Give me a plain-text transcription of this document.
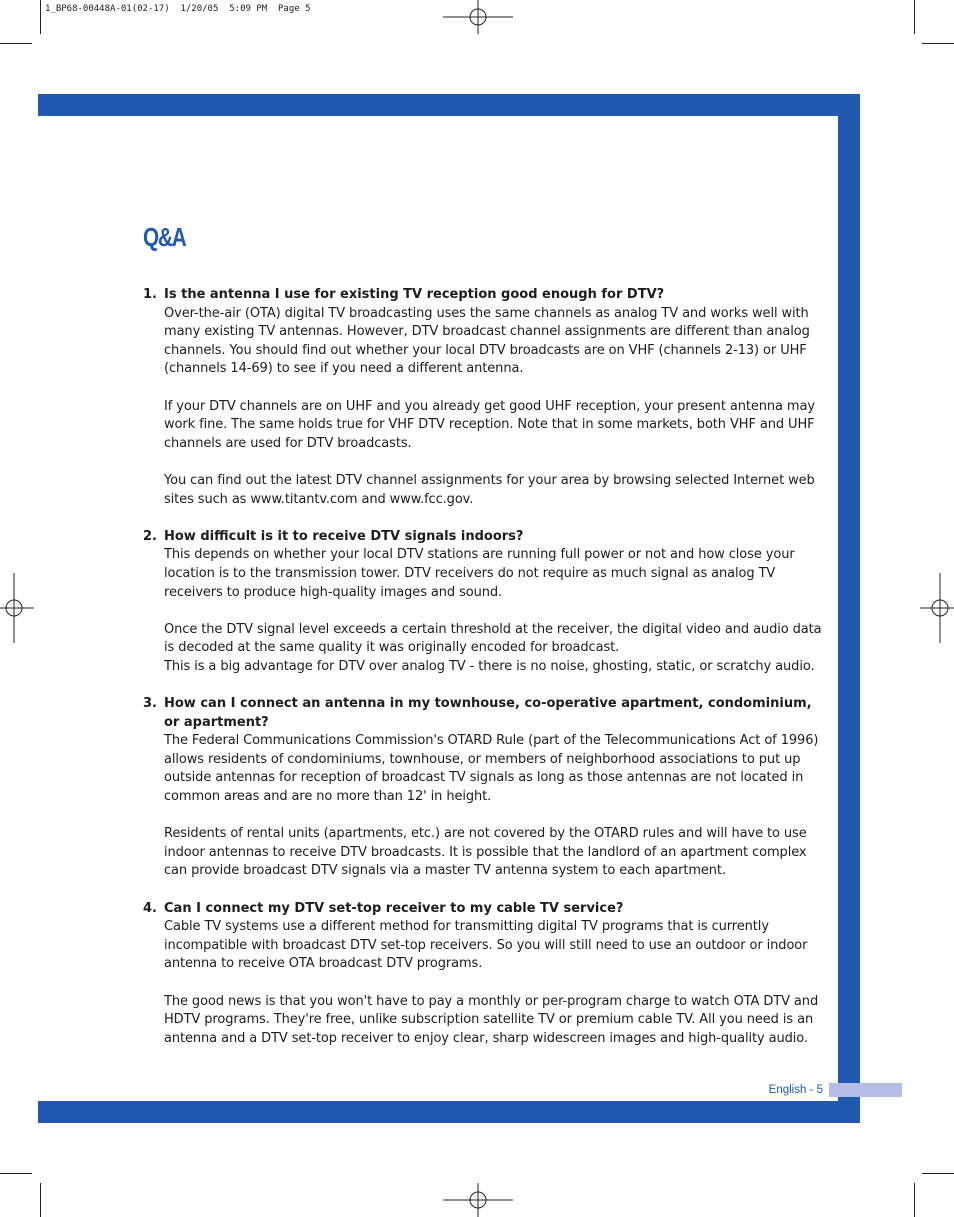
1_BP68-00448A-01(02-17)  1/20/05  5:09 PM  Page 5
English - 5
Q&A
1. Is the antenna I use for existing TV reception good enough for DTV?

Over-the-air (OTA) digital TV broadcasting uses the same channels as analog TV and works well with many existing TV antennas. However, DTV broadcast channel assignments are different than analog channels. You should find out whether your local DTV broadcasts are on VHF (channels 2-13) or UHF (channels 14-69) to see if you need a different antenna.

If your DTV channels are on UHF and you already get good UHF reception, your present antenna may work fine. The same holds true for VHF DTV reception. Note that in some markets, both VHF and UHF channels are used for DTV broadcasts.

You can find out the latest DTV channel assignments for your area by browsing selected Internet web sites such as www.titantv.com and www.fcc.gov.

2. How difficult is it to receive DTV signals indoors?

This depends on whether your local DTV stations are running full power or not and how close your location is to the transmission tower. DTV receivers do not require as much signal as analog TV receivers to produce high-quality images and sound.

Once the DTV signal level exceeds a certain threshold at the receiver, the digital video and audio data is decoded at the same quality it was originally encoded for broadcast.

This is a big advantage for DTV over analog TV - there is no noise, ghosting, static, or scratchy audio.

3. How can I connect an antenna in my townhouse, co-operative apartment, condominium, or apartment?

The Federal Communications Commission's OTARD Rule (part of the Telecommunications Act of 1996) allows residents of condominiums, townhouse, or members of neighborhood associations to put up outside antennas for reception of broadcast TV signals as long as those antennas are not located in common areas and are no more than 12' in height.

Residents of rental units (apartments, etc.) are not covered by the OTARD rules and will have to use indoor antennas to receive DTV broadcasts. It is possible that the landlord of an apartment complex can provide broadcast DTV signals via a master TV antenna system to each apartment.

4. Can I connect my DTV set-top receiver to my cable TV service?

Cable TV systems use a different method for transmitting digital TV programs that is currently incompatible with broadcast DTV set-top receivers. So you will still need to use an outdoor or indoor antenna to receive OTA broadcast DTV programs.

The good news is that you won't have to pay a monthly or per-program charge to watch OTA DTV and HDTV programs. They're free, unlike subscription satellite TV or premium cable TV. All you need is an antenna and a DTV set-top receiver to enjoy clear, sharp widescreen images and high-quality audio.
